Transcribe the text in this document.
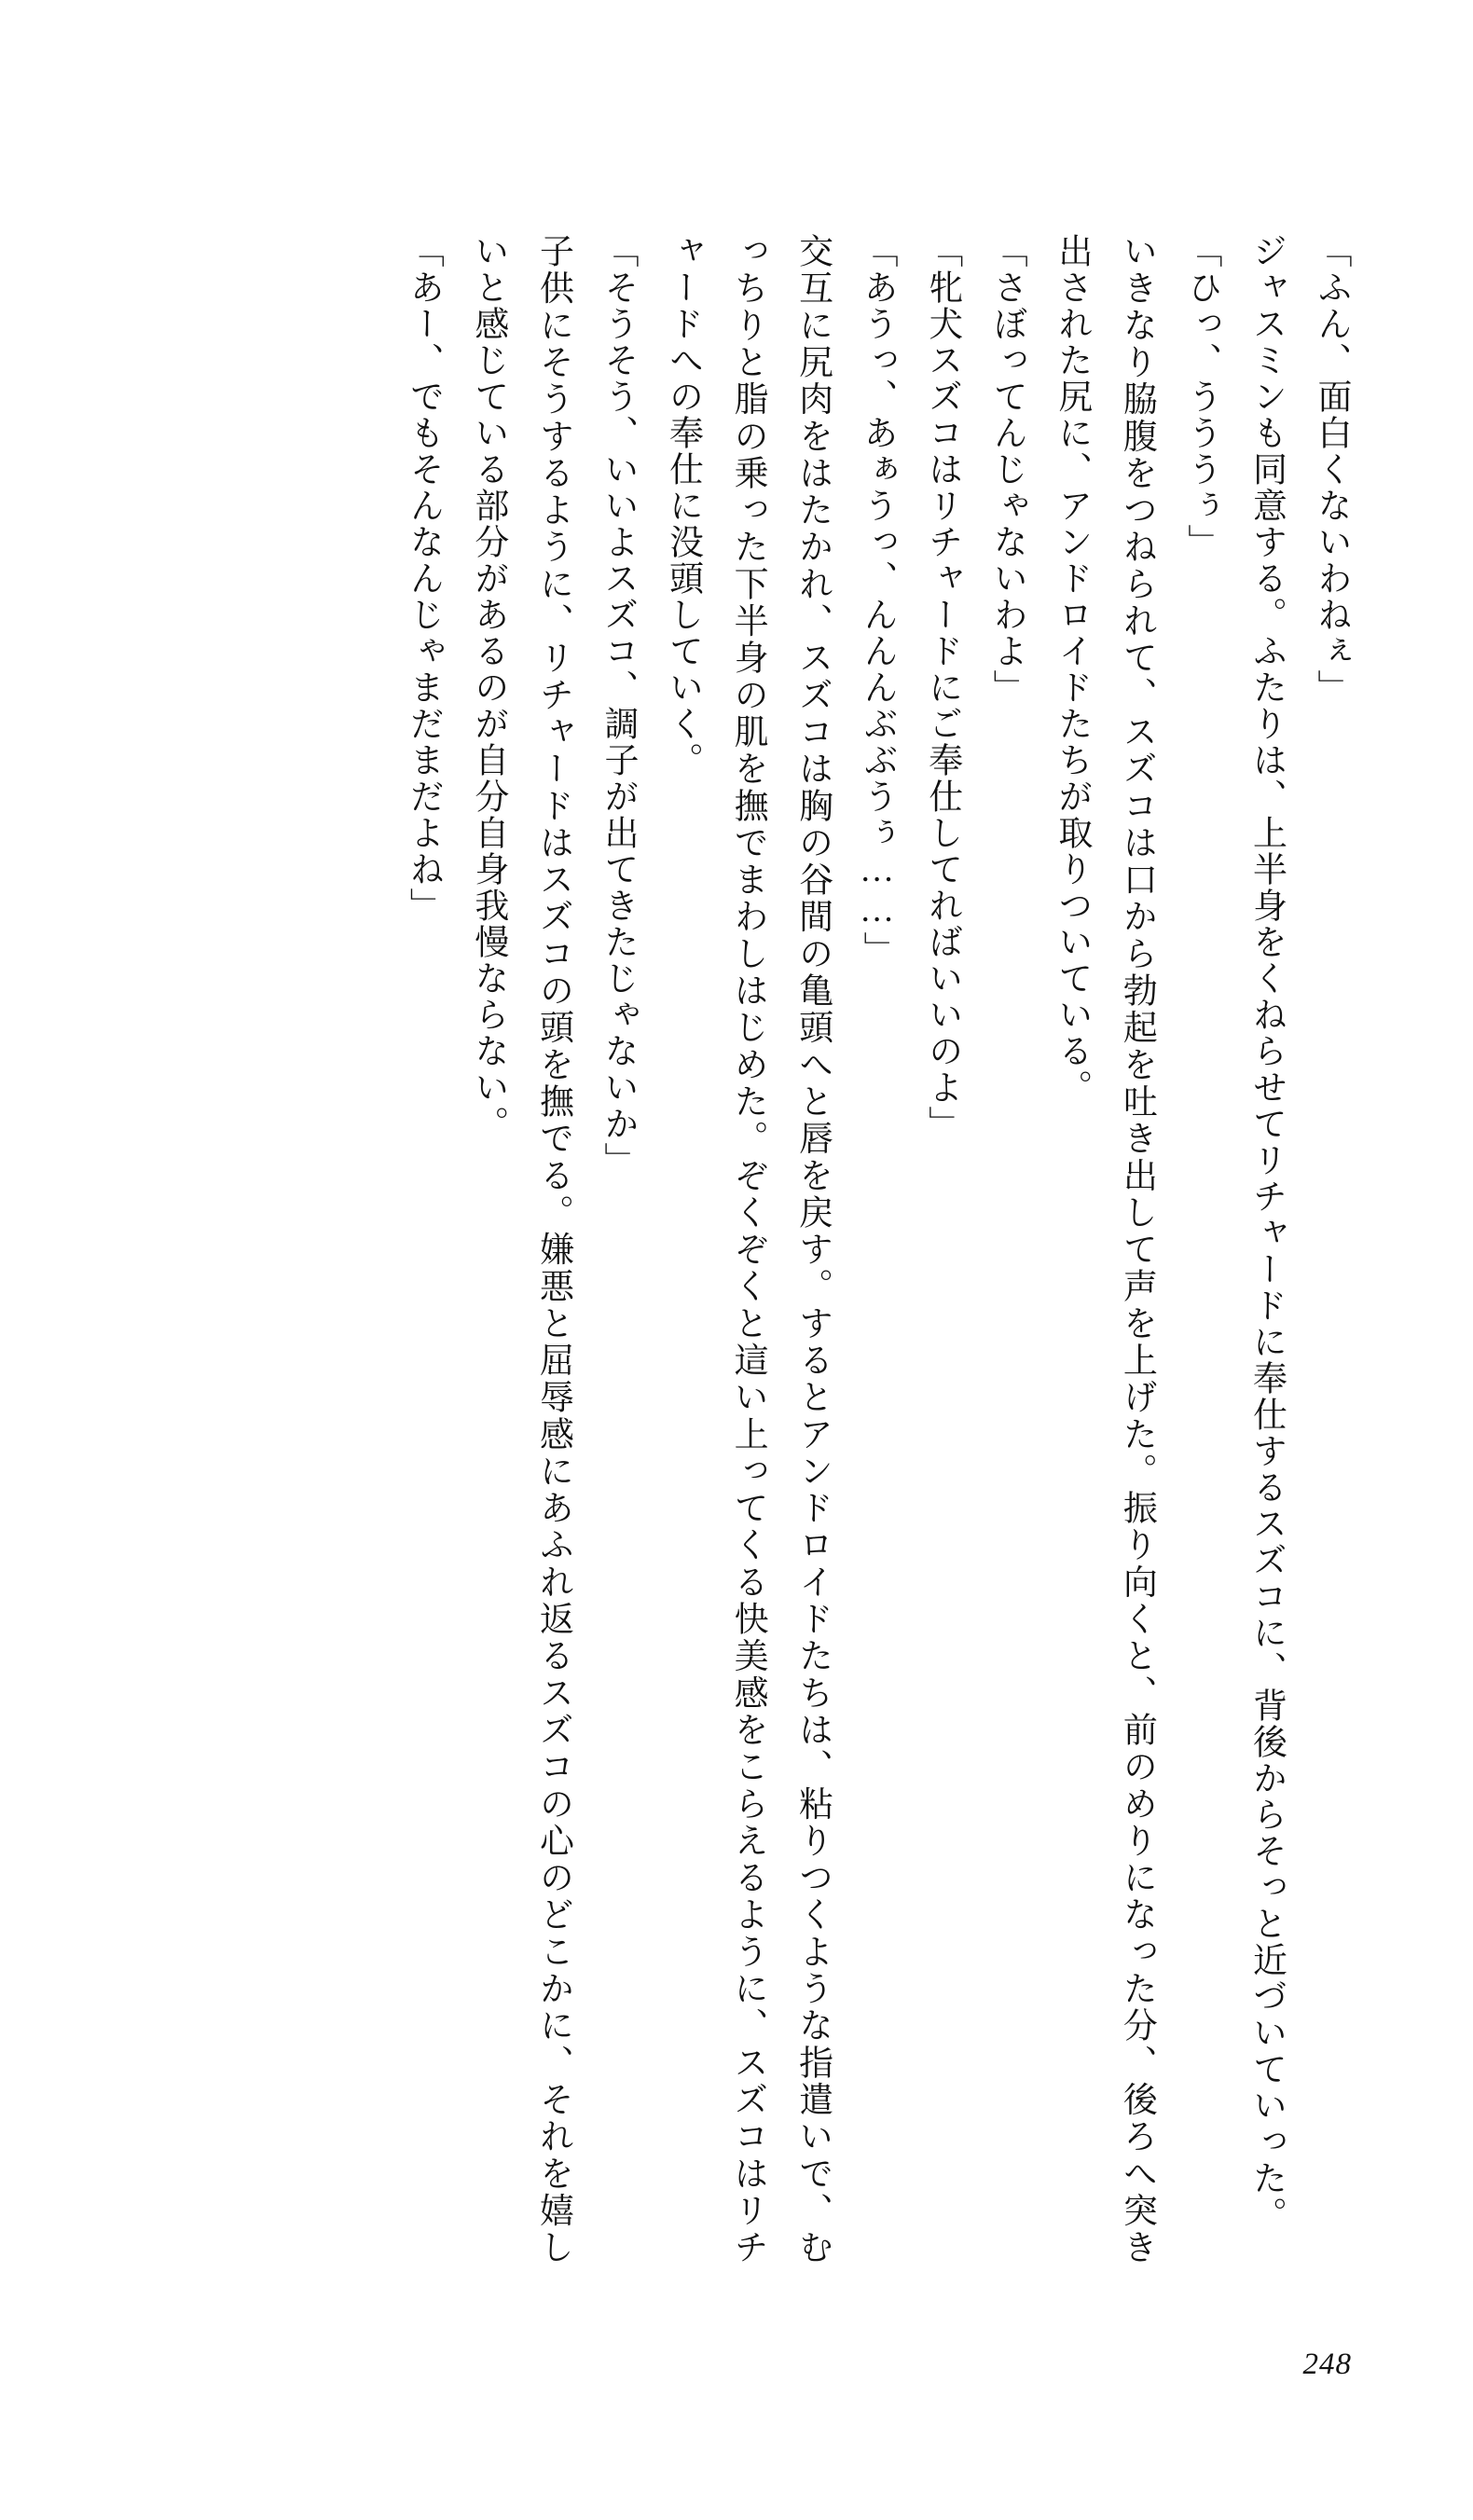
「ふん、面白くないわねぇ」

ジャスミンも同意する。ふたりは、上半身をくねらせてリチャードに奉仕するスズコに、背後からそっと近づいていった。

「ひっ、うううぅ」

いきなり脇腹をつねられて、スズコは口から勃起を吐き出して声を上げた。振り向くと、前のめりになった分、後ろへ突き出された尻に、アンドロイドたちが取りついている。

「さぼってんじゃないわよ」

「牝犬スズコはリチャードにご奉仕してればいいのよ」

「あうっ、あぁうっ、んんんぶぶうぅ……」

交互に尻肉をはたかれ、スズコは胸の谷間の亀頭へと唇を戻す。するとアンドロイドたちは、粘りつくような指遣いで、むっちりと脂の乗った下半身の肌を撫でまわしはじめた。ぞくぞくと這い上ってくる快美感をこらえるように、スズコはリチャードへの奉仕に没頭していく。

「そうそう、いいよスズコ、調子が出てきたじゃないか」

子供にそうするように、リチャードはスズコの頭を撫でる。嫌悪と屈辱感にあふれ返るスズコの心のどこかに、それを嬉しいと感じている部分があるのが自分自身我慢ならない。

「あー、でもそんなんじゃまだまだよね」

248
